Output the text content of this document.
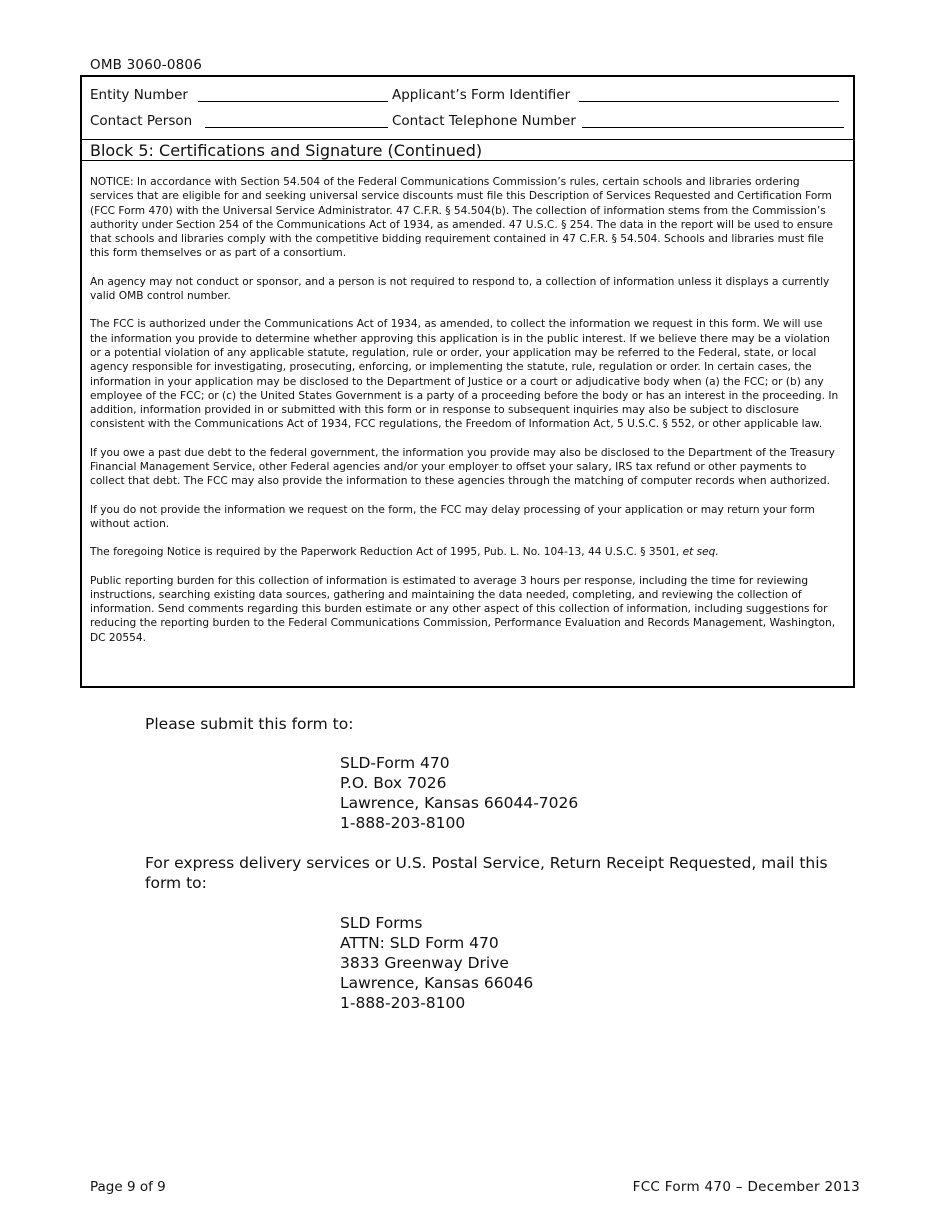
OMB 3060-0806
Entity Number	Applicant’s Form Identifier
Contact Person	Contact Telephone Number
Block 5: Certifications and Signature (Continued)

NOTICE: In accordance with Section 54.504 of the Federal Communications Commission’s rules, certain schools and libraries ordering services that are eligible for and seeking universal service discounts must file this Description of Services Requested and Certification Form (FCC Form 470) with the Universal Service Administrator. 47 C.F.R. § 54.504(b). The collection of information stems from the Commission’s authority under Section 254 of the Communications Act of 1934, as amended. 47 U.S.C. § 254. The data in the report will be used to ensure that schools and libraries comply with the competitive bidding requirement contained in 47 C.F.R. § 54.504. Schools and libraries must file this form themselves or as part of a consortium.

An agency may not conduct or sponsor, and a person is not required to respond to, a collection of information unless it displays a currently valid OMB control number.

The FCC is authorized under the Communications Act of 1934, as amended, to collect the information we request in this form. We will use the information you provide to determine whether approving this application is in the public interest. If we believe there may be a violation or a potential violation of any applicable statute, regulation, rule or order, your application may be referred to the Federal, state, or local agency responsible for investigating, prosecuting, enforcing, or implementing the statute, rule, regulation or order. In certain cases, the information in your application may be disclosed to the Department of Justice or a court or adjudicative body when (a) the FCC; or (b) any employee of the FCC; or (c) the United States Government is a party of a proceeding before the body or has an interest in the proceeding. In addition, information provided in or submitted with this form or in response to subsequent inquiries may also be subject to disclosure consistent with the Communications Act of 1934, FCC regulations, the Freedom of Information Act, 5 U.S.C. § 552, or other applicable law.

If you owe a past due debt to the federal government, the information you provide may also be disclosed to the Department of the Treasury Financial Management Service, other Federal agencies and/or your employer to offset your salary, IRS tax refund or other payments to collect that debt. The FCC may also provide the information to these agencies through the matching of computer records when authorized.

If you do not provide the information we request on the form, the FCC may delay processing of your application or may return your form without action.

The foregoing Notice is required by the Paperwork Reduction Act of 1995, Pub. L. No. 104-13, 44 U.S.C. § 3501, et seq.

Public reporting burden for this collection of information is estimated to average 3 hours per response, including the time for reviewing instructions, searching existing data sources, gathering and maintaining the data needed, completing, and reviewing the collection of information. Send comments regarding this burden estimate or any other aspect of this collection of information, including suggestions for reducing the reporting burden to the Federal Communications Commission, Performance Evaluation and Records Management, Washington, DC 20554.

Please submit this form to:

SLD-Form 470
P.O. Box 7026
Lawrence, Kansas 66044-7026
1-888-203-8100

For express delivery services or U.S. Postal Service, Return Receipt Requested, mail this form to:

SLD Forms
ATTN: SLD Form 470
3833 Greenway Drive
Lawrence, Kansas 66046
1-888-203-8100
Page 9 of 9	FCC Form 470 – December 2013
